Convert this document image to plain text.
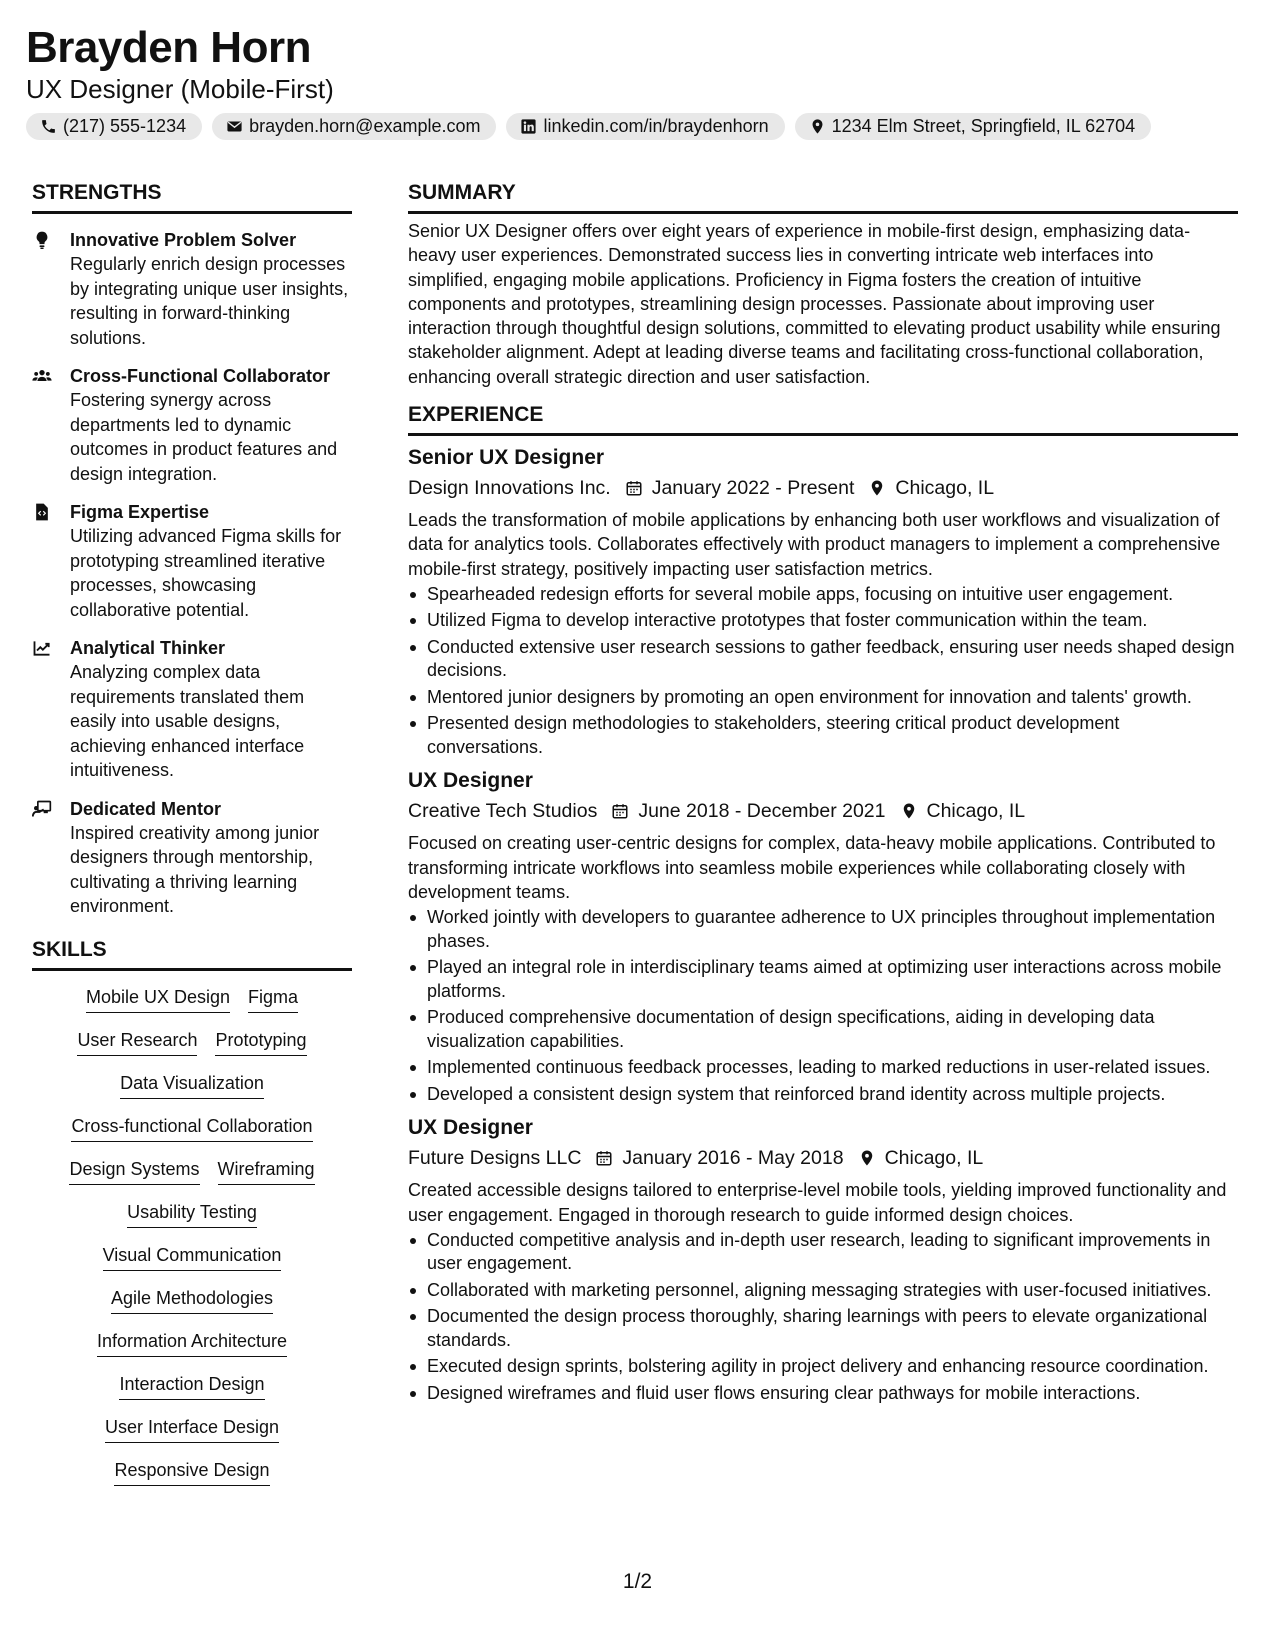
Brayden Horn

UX Designer (Mobile-First)

(217) 555-1234	brayden.horn@example.com	linkedin.com/in/braydenhorn	1234 Elm Street, Springfield, IL 62704
STRENGTHS
Innovative Problem Solver
Regularly enrich design processes by integrating unique user insights, resulting in forward-thinking solutions.
Cross-Functional Collaborator
Fostering synergy across departments led to dynamic outcomes in product features and design integration.
Figma Expertise
Utilizing advanced Figma skills for prototyping streamlined iterative processes, showcasing collaborative potential.
Analytical Thinker
Analyzing complex data requirements translated them easily into usable designs, achieving enhanced interface intuitiveness.
Dedicated Mentor
Inspired creativity among junior designers through mentorship, cultivating a thriving learning environment.
SKILLS
Mobile UX Design Figma
User Research Prototyping
Data Visualization
Cross-functional Collaboration
Design Systems Wireframing
Usability Testing
Visual Communication
Agile Methodologies
Information Architecture
Interaction Design
User Interface Design
Responsive Design
SUMMARY

Senior UX Designer offers over eight years of experience in mobile-first design, emphasizing data-heavy user experiences. Demonstrated success lies in converting intricate web interfaces into simplified, engaging mobile applications. Proficiency in Figma fosters the creation of intuitive components and prototypes, streamlining design processes. Passionate about improving user interaction through thoughtful design solutions, committed to elevating product usability while ensuring stakeholder alignment. Adept at leading diverse teams and facilitating cross-functional collaboration, enhancing overall strategic direction and user satisfaction.

EXPERIENCE
Senior UX Designer
Design Innovations Inc. January 2022 - Present Chicago, IL
Leads the transformation of mobile applications by enhancing both user workflows and visualization of data for analytics tools. Collaborates effectively with product managers to implement a comprehensive mobile-first strategy, positively impacting user satisfaction metrics.
Spearheaded redesign efforts for several mobile apps, focusing on intuitive user engagement.
Utilized Figma to develop interactive prototypes that foster communication within the team.
Conducted extensive user research sessions to gather feedback, ensuring user needs shaped design decisions.
Mentored junior designers by promoting an open environment for innovation and talents' growth.
Presented design methodologies to stakeholders, steering critical product development conversations.
UX Designer
Creative Tech Studios June 2018 - December 2021 Chicago, IL
Focused on creating user-centric designs for complex, data-heavy mobile applications. Contributed to transforming intricate workflows into seamless mobile experiences while collaborating closely with development teams.
Worked jointly with developers to guarantee adherence to UX principles throughout implementation phases.
Played an integral role in interdisciplinary teams aimed at optimizing user interactions across mobile platforms.
Produced comprehensive documentation of design specifications, aiding in developing data visualization capabilities.
Implemented continuous feedback processes, leading to marked reductions in user-related issues.
Developed a consistent design system that reinforced brand identity across multiple projects.
UX Designer
Future Designs LLC January 2016 - May 2018 Chicago, IL
Created accessible designs tailored to enterprise-level mobile tools, yielding improved functionality and user engagement. Engaged in thorough research to guide informed design choices.
Conducted competitive analysis and in-depth user research, leading to significant improvements in user engagement.
Collaborated with marketing personnel, aligning messaging strategies with user-focused initiatives.
Documented the design process thoroughly, sharing learnings with peers to elevate organizational standards.
Executed design sprints, bolstering agility in project delivery and enhancing resource coordination.
Designed wireframes and fluid user flows ensuring clear pathways for mobile interactions.
1/2
